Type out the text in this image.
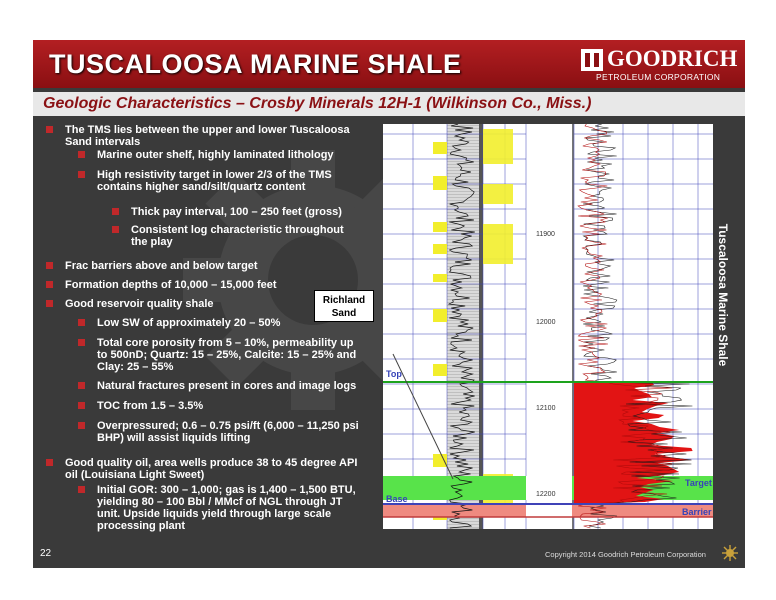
TUSCALOOSA MARINE SHALE	GOODRICH
PETROLEUM CORPORATION
Geologic Characteristics – Crosby Minerals 12H-1 (Wilkinson Co., Miss.)
The TMS lies between the upper and lower Tuscaloosa Sand intervals
Marine outer shelf, highly laminated lithology
High resistivity target in lower 2/3 of the TMS contains higher sand/silt/quartz content
Thick pay interval, 100 – 250 feet (gross)
Consistent log characteristic throughout the play
Frac barriers above and below target
Formation depths of 10,000 – 15,000 feet
Good reservoir quality shale
Low SW of approximately 20 – 50%
Total core porosity from 5 – 10%, permeability up to 500nD; Quartz: 15 – 25%, Calcite: 15 – 25% and Clay: 25 – 55%
Natural fractures present in cores and image logs
TOC from 1.5 – 3.5%
Overpressured; 0.6 – 0.75 psi/ft (6,000 – 11,250 psi BHP) will assist liquids lifting
Good quality oil, area wells produce 38 to 45 degree API oil (Louisiana Light Sweet)
Initial GOR: 300 – 1,000; gas is 1,400 – 1,500 BTU, yielding 80 – 100 Bbl / MMcf of NGL through JT unit. Upside liquids yield through large scale processing plant
11900
12000
12100
12200
Top
Base
Target
Barrier
Richland
Sand	Tuscaloosa Marine Shale
22	Copyright 2014 Goodrich Petroleum Corporation
